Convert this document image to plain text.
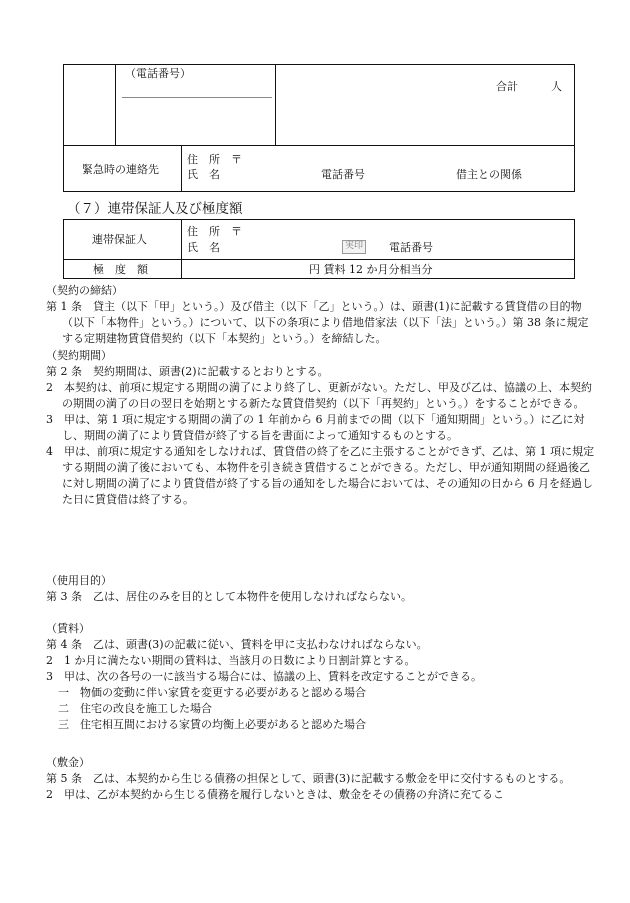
（電話番号）
合計　　　人
緊急時の連絡先
住　所　〒
氏　名	電話番号	借主との関係
（７）連帯保証人及び極度額
連帯保証人
住　所　〒
氏　名	実印 電話番号
極　度　額	円 賃料 12 か月分相当分

（契約の締結）

第 1 条　貸主（以下「甲」という。）及び借主（以下「乙」という。）は、頭書(1)に記載する賃貸借の目的物（以下「本物件」という。）について、以下の条項により借地借家法（以下「法」という。）第 38 条に規定する定期建物賃貸借契約（以下「本契約」という。）を締結した。

（契約期間）

第 2 条　契約期間は、頭書(2)に記載するとおりとする。

2　本契約は、前項に規定する期間の満了により終了し、更新がない。ただし、甲及び乙は、協議の上、本契約の期間の満了の日の翌日を始期とする新たな賃貸借契約（以下「再契約」という。）をすることができる。

3　甲は、第 1 項に規定する期間の満了の 1 年前から 6 月前までの間（以下「通知期間」という。）に乙に対し、期間の満了により賃貸借が終了する旨を書面によって通知するものとする。

4　甲は、前項に規定する通知をしなければ、賃貸借の終了を乙に主張することができず、乙は、第 1 項に規定する期間の満了後においても、本物件を引き続き賃借することができる。ただし、甲が通知期間の経過後乙に対し期間の満了により賃貸借が終了する旨の通知をした場合においては、その通知の日から 6 月を経過した日に賃貸借は終了する。

（使用目的）

第 3 条　乙は、居住のみを目的として本物件を使用しなければならない。

（賃料）

第 4 条　乙は、頭書(3)の記載に従い、賃料を甲に支払わなければならない。

2　1 か月に満たない期間の賃料は、当該月の日数により日割計算とする。

3　甲は、次の各号の一に該当する場合には、協議の上、賃料を改定することができる。

一　物価の変動に伴い家賃を変更する必要があると認める場合

二　住宅の改良を施工した場合

三　住宅相互間における家賃の均衡上必要があると認めた場合

（敷金）

第 5 条　乙は、本契約から生じる債務の担保として、頭書(3)に記載する敷金を甲に交付するものとする。

2　甲は、乙が本契約から生じる債務を履行しないときは、敷金をその債務の弁済に充てるこ
